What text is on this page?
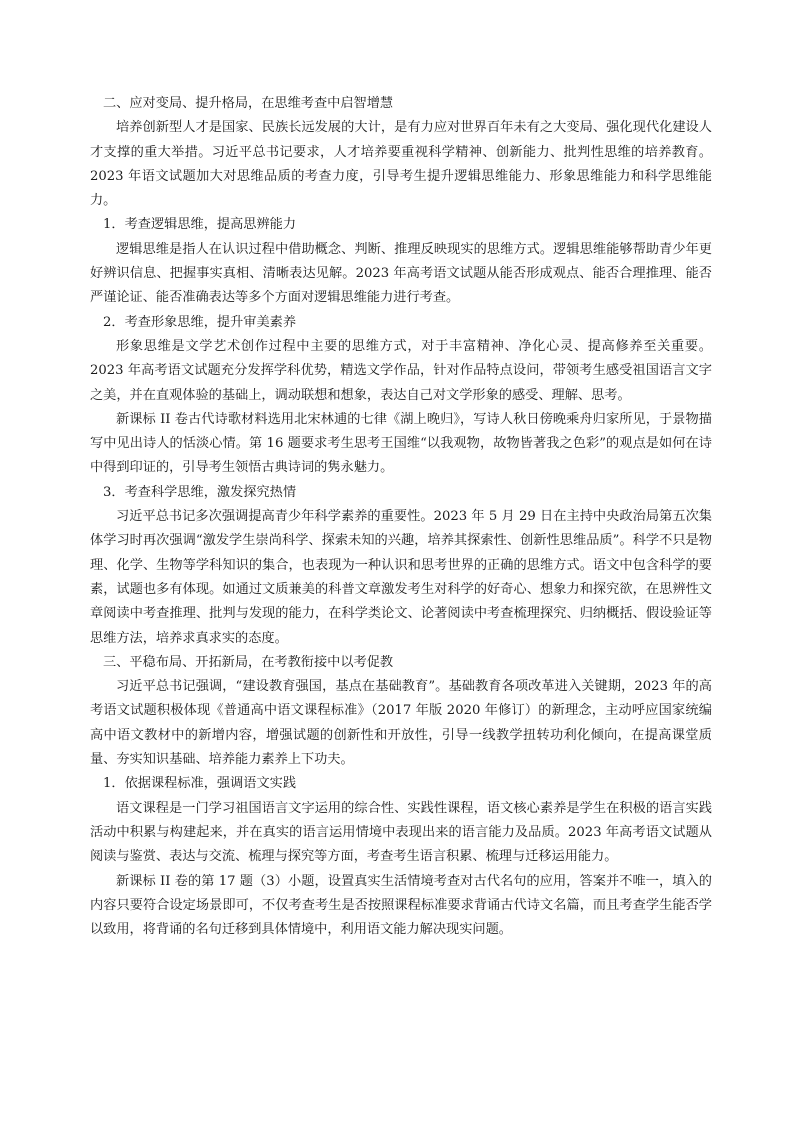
二、应对变局、提升格局，在思维考查中启智增慧

培养创新型人才是国家、民族长远发展的大计，是有力应对世界百年未有之大变局、强化现代化建设人才支撑的重大举措。习近平总书记要求，人才培养要重视科学精神、创新能力、批判性思维的培养教育。2023 年语文试题加大对思维品质的考查力度，引导考生提升逻辑思维能力、形象思维能力和科学思维能力。

1．考查逻辑思维，提高思辨能力

逻辑思维是指人在认识过程中借助概念、判断、推理反映现实的思维方式。逻辑思维能够帮助青少年更好辨识信息、把握事实真相、清晰表达见解。2023 年高考语文试题从能否形成观点、能否合理推理、能否严谨论证、能否准确表达等多个方面对逻辑思维能力进行考查。

2．考查形象思维，提升审美素养

形象思维是文学艺术创作过程中主要的思维方式，对于丰富精神、净化心灵、提高修养至关重要。2023 年高考语文试题充分发挥学科优势，精选文学作品，针对作品特点设问，带领考生感受祖国语言文字之美，并在直观体验的基础上，调动联想和想象，表达自己对文学形象的感受、理解、思考。

新课标 II 卷古代诗歌材料选用北宋林逋的七律《湖上晚归》，写诗人秋日傍晚乘舟归家所见，于景物描写中见出诗人的恬淡心情。第 16 题要求考生思考王国维“以我观物，故物皆著我之色彩”的观点是如何在诗中得到印证的，引导考生领悟古典诗词的隽永魅力。

3．考查科学思维，激发探究热情

习近平总书记多次强调提高青少年科学素养的重要性。2023 年 5 月 29 日在主持中央政治局第五次集体学习时再次强调“激发学生崇尚科学、探索未知的兴趣，培养其探索性、创新性思维品质”。科学不只是物理、化学、生物等学科知识的集合，也表现为一种认识和思考世界的正确的思维方式。语文中包含科学的要素，试题也多有体现。如通过文质兼美的科普文章激发考生对科学的好奇心、想象力和探究欲，在思辨性文章阅读中考查推理、批判与发现的能力，在科学类论文、论著阅读中考查梳理探究、归纳概括、假设验证等思维方法，培养求真求实的态度。

三、平稳布局、开拓新局，在考教衔接中以考促教

习近平总书记强调，“建设教育强国，基点在基础教育”。基础教育各项改革进入关键期，2023 年的高考语文试题积极体现《普通高中语文课程标准》（2017 年版 2020 年修订）的新理念，主动呼应国家统编高中语文教材中的新增内容，增强试题的创新性和开放性，引导一线教学扭转功利化倾向，在提高课堂质量、夯实知识基础、培养能力素养上下功夫。

1．依据课程标准，强调语文实践

语文课程是一门学习祖国语言文字运用的综合性、实践性课程，语文核心素养是学生在积极的语言实践活动中积累与构建起来，并在真实的语言运用情境中表现出来的语言能力及品质。2023 年高考语文试题从阅读与鉴赏、表达与交流、梳理与探究等方面，考查考生语言积累、梳理与迁移运用能力。

新课标 II 卷的第 17 题（3）小题，设置真实生活情境考查对古代名句的应用，答案并不唯一，填入的内容只要符合设定场景即可，不仅考查考生是否按照课程标准要求背诵古代诗文名篇，而且考查学生能否学以致用，将背诵的名句迁移到具体情境中，利用语文能力解决现实问题。
